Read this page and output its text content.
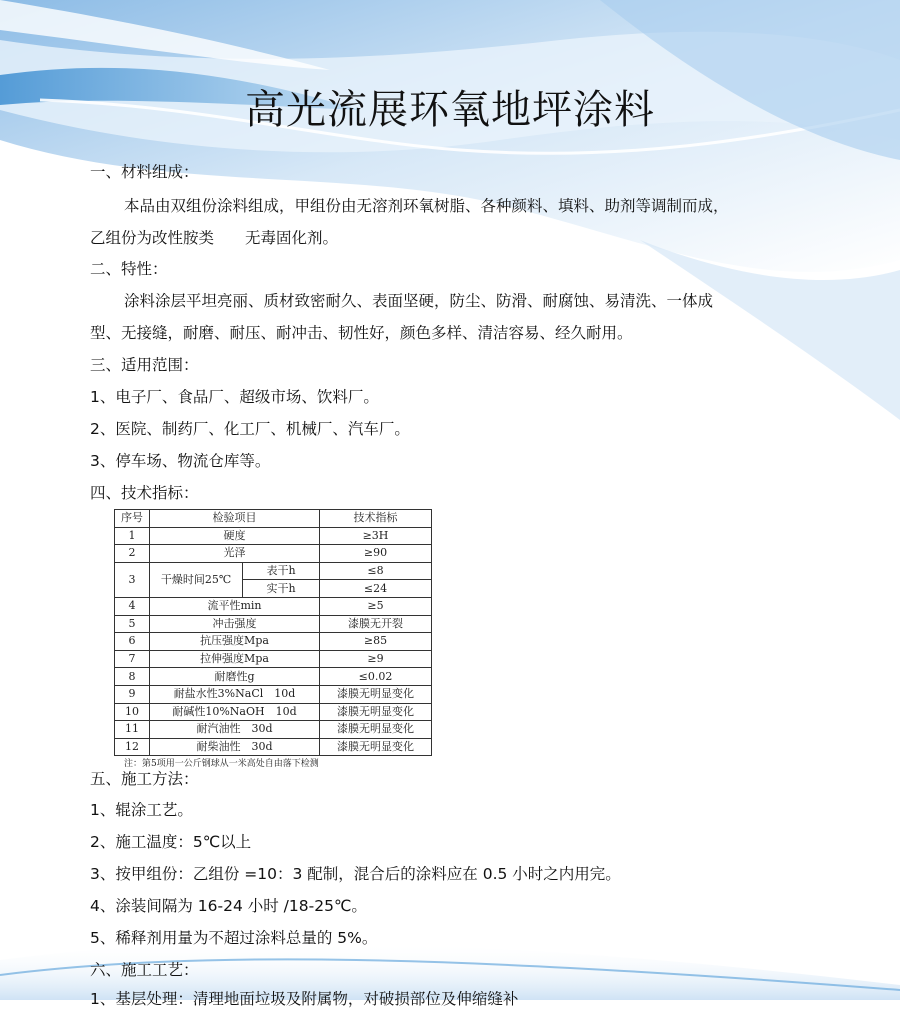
高光流展环氧地坪涂料
一、材料组成：
本品由双组份涂料组成，甲组份由无溶剂环氧树脂、各种颜料、填料、助剂等调制而成，
乙组份为改性胺类　　无毒固化剂。
二、特性：
涂料涂层平坦亮丽、质材致密耐久、表面坚硬，防尘、防滑、耐腐蚀、易清洗、一体成
型、无接缝，耐磨、耐压、耐冲击、韧性好，颜色多样、清洁容易、经久耐用。
三、适用范围：
1、电子厂、食品厂、超级市场、饮料厂。
2、医院、制药厂、化工厂、机械厂、汽车厂。
3、停车场、物流仓库等。
四、技术指标：
序号	检验项目		技术指标
1	硬度		≥3H
2	光泽		≥90
3	干燥时间25℃	表干h	≤8
		实干h	≤24
4	流平性min		≥5
5	冲击强度		漆膜无开裂
6	抗压强度Mpa		≥85
7	拉伸强度Mpa		≥9
8	耐磨性g		≤0.02
9	耐盐水性3%NaCl　10d		漆膜无明显变化
10	耐碱性10%NaOH　10d		漆膜无明显变化
11	耐汽油性　30d		漆膜无明显变化
12	耐柴油性　30d		漆膜无明显变化
注：第5项用一公斤钢球从一米高处自由落下检测
五、施工方法：
1、辊涂工艺。
2、施工温度：5℃以上
3、按甲组份：乙组份 =10：3 配制，混合后的涂料应在 0.5 小时之内用完。
4、涂装间隔为 16-24 小时 /18-25℃。
5、稀释剂用量为不超过涂料总量的 5%。
六、施工工艺：
1、基层处理：清理地面垃圾及附属物，对破损部位及伸缩缝补
